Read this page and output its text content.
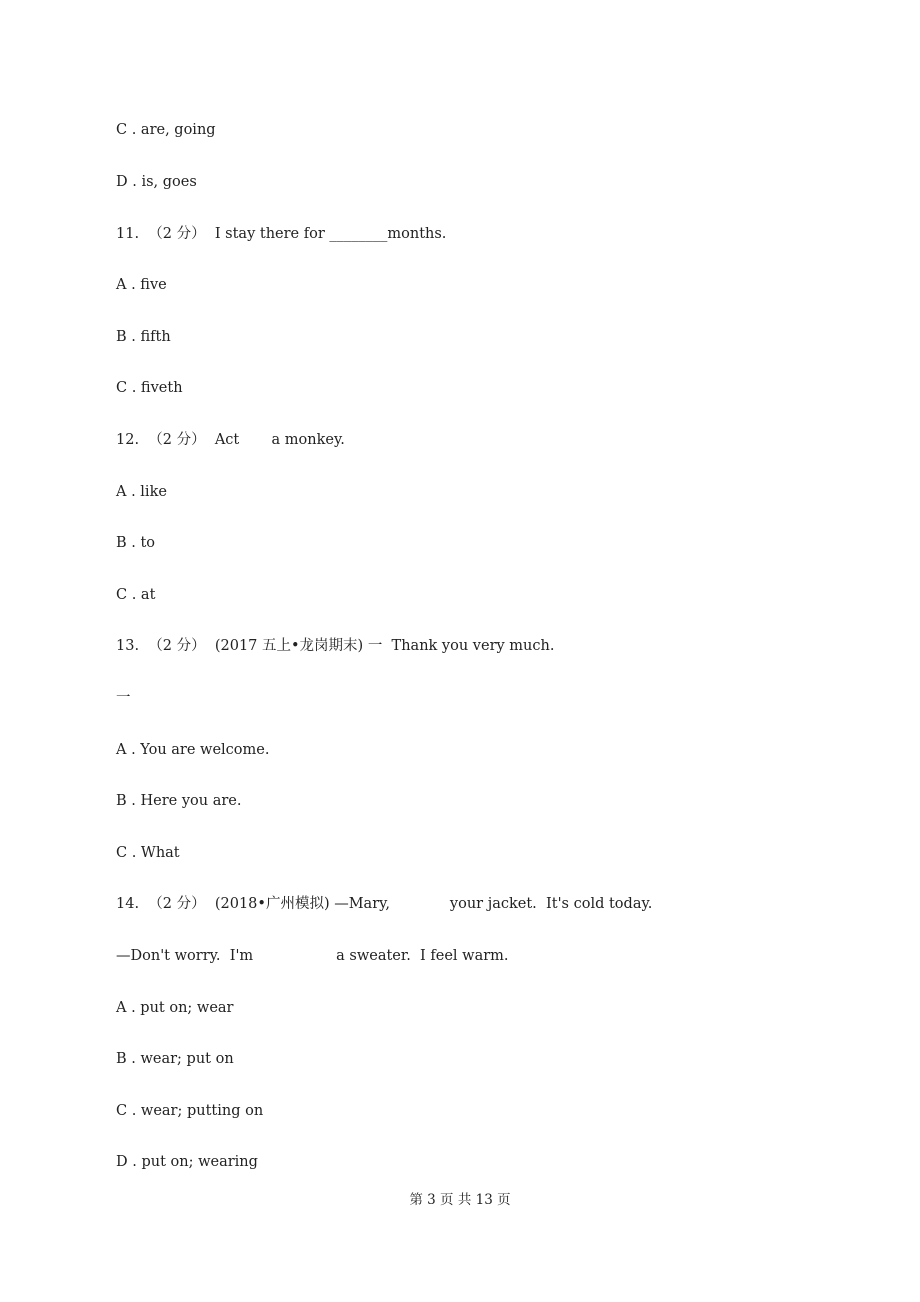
C . are, going
D . is, goes
11.  （2 分）  I stay there for ________months.
A . five
B . fifth
C . fiveth
12.  （2 分）  Act       a monkey.
A . like
B . to
C . at
13.  （2 分）  (2017 五上•龙岗期末) 一  Thank you very much.
一
A . You are welcome.
B . Here you are.
C . What
14.  （2 分）  (2018•广州模拟) —Mary,             your jacket.  It's cold today.
—Don't worry.  I'm                  a sweater.  I feel warm.
A . put on; wear
B . wear; put on
C . wear; putting on
D . put on; wearing
第 3 页 共 13 页
